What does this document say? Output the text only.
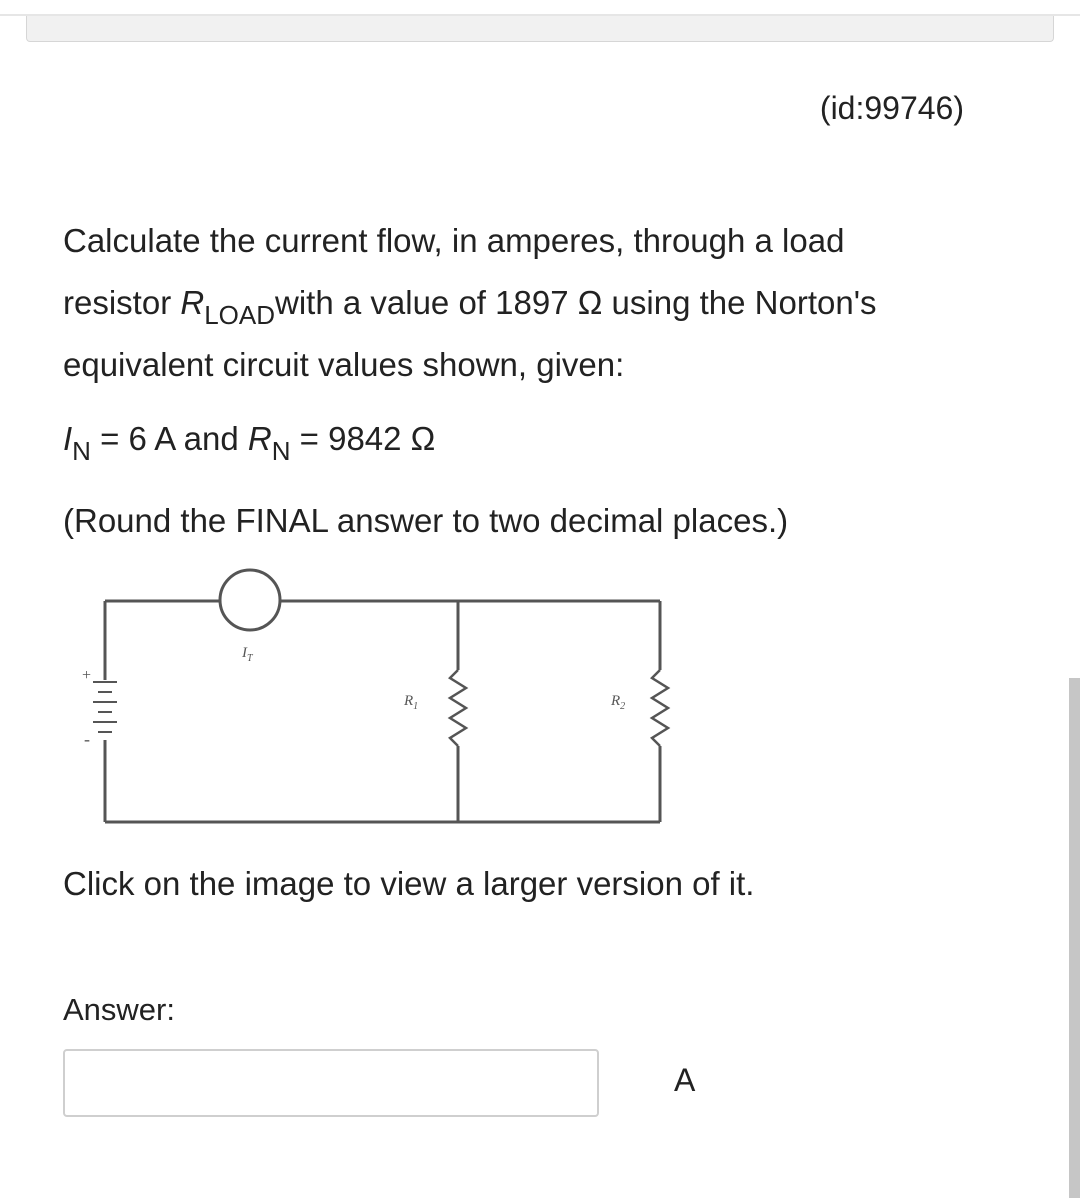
(id:99746)
Calculate the current flow, in amperes, through a load
resistor $R_{LOAD}with$ a value of 1897 Ω using the Norton's
equivalent circuit values shown, given:
$I_N = 6$ A and $R_N = 9842$ Ω
(Round the FINAL answer to two decimal places.)
+
-
$I_T$
$R_1$	$R_2$
Click on the image to view a larger version of it.
Answer:
A
